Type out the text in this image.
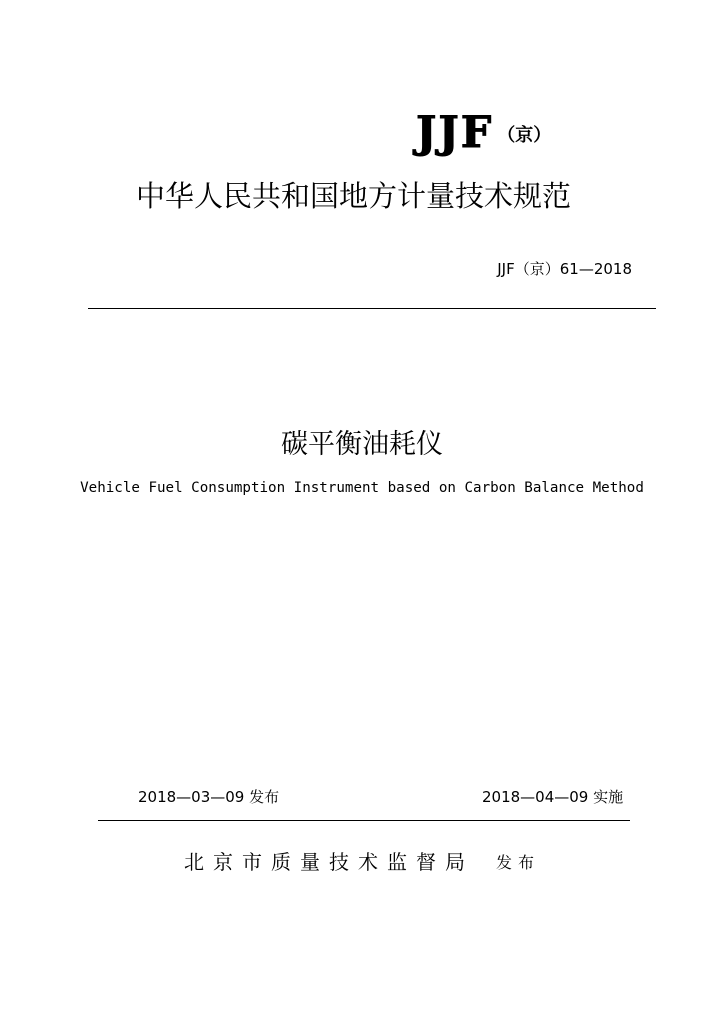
JJF （京）
中华人民共和国地方计量技术规范
JJF（京）61—2018
碳平衡油耗仪
Vehicle Fuel Consumption Instrument based on Carbon Balance Method
2018—03—09 发布	2018—04—09 实施
北京市质量技术监督局 发布
